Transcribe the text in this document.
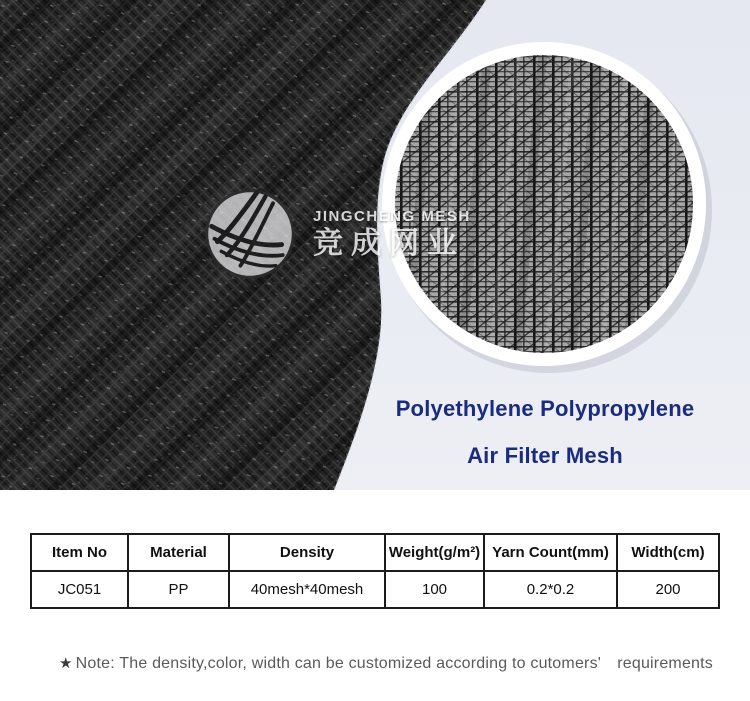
JINGCHENG MESH
竞成网业
Polyethylene Polypropylene
Air Filter Mesh
Item No	Material	Density	Weight(g/m²)	Yarn Count(mm)	Width(cm)
JC051	PP	40mesh*40mesh	100	0.2*0.2	200
★ Note: The density,color, width can be customized according to cutomers'　requirements
